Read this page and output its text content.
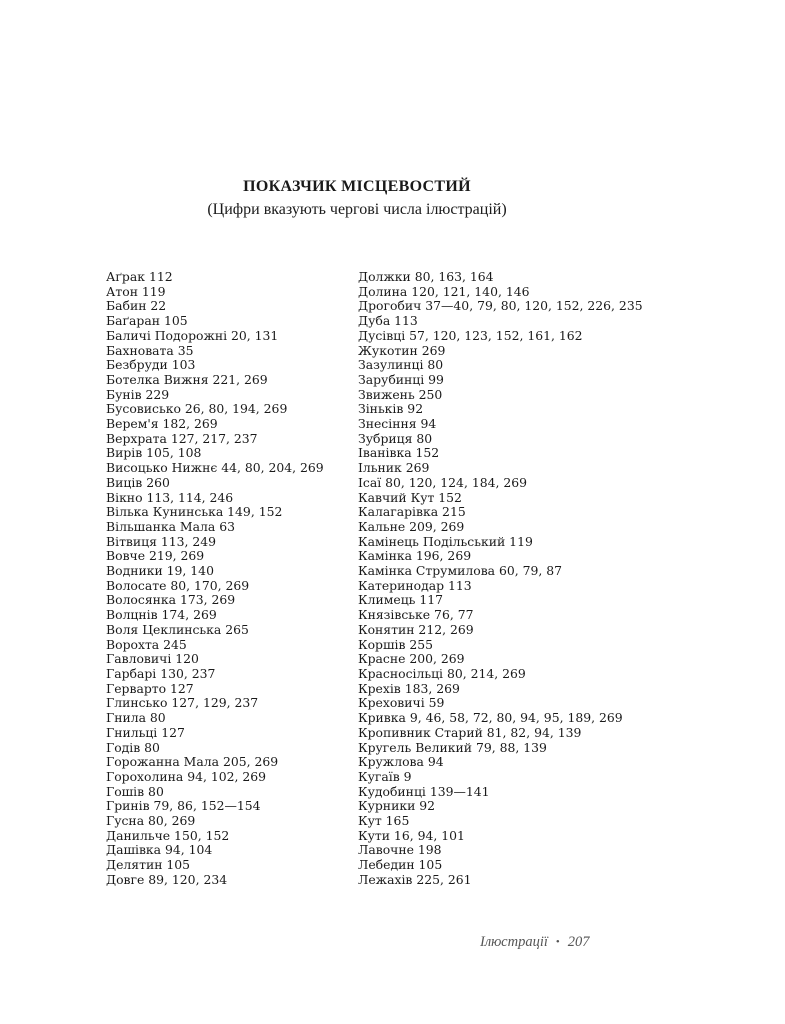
ПОКАЗЧИК МІСЦЕВОСТИЙ
(Цифри вказують чергові числа ілюстрацій)
Аґрак 112
Атон 119
Бабин 22
Баґаран 105
Баличі Подорожні 20, 131
Бахновата 35
Безбруди 103
Ботелка Вижня 221, 269
Бунів 229
Бусовисько 26, 80, 194, 269
Верем'я 182, 269
Верхрата 127, 217, 237
Вирів 105, 108
Висоцько Нижнє 44, 80, 204, 269
Виців 260
Вікно 113, 114, 246
Вілька Кунинська 149, 152
Вільшанка Мала 63
Вітвиця 113, 249
Вовче 219, 269
Водники 19, 140
Волосате 80, 170, 269
Волосянка 173, 269
Волцнів 174, 269
Воля Цеклинська 265
Ворохта 245
Гавловичі 120
Гарбарі 130, 237
Герварто 127
Глинсько 127, 129, 237
Гнила 80
Гнильці 127
Годів 80
Горожанна Мала 205, 269
Горохолина 94, 102, 269
Гошів 80
Гринів 79, 86, 152—154
Гусна 80, 269
Данильче 150, 152
Дашівка 94, 104
Делятин 105
Довге 89, 120, 234
Должки 80, 163, 164
Долина 120, 121, 140, 146
Дрогобич 37—40, 79, 80, 120, 152, 226, 235
Дуба 113
Дусівці 57, 120, 123, 152, 161, 162
Жукотин 269
Зазулинці 80
Зарубинці 99
Звижень 250
Зіньків 92
Знесіння 94
Зубриця 80
Іванівка 152
Ільник 269
Ісаї 80, 120, 124, 184, 269
Кавчий Кут 152
Калагарівка 215
Кальне 209, 269
Камінець Подільський 119
Камінка 196, 269
Камінка Струмилова 60, 79, 87
Катеринодар 113
Климець 117
Князівське 76, 77
Конятин 212, 269
Коршів 255
Красне 200, 269
Красносільці 80, 214, 269
Крехів 183, 269
Креховичі 59
Кривка 9, 46, 58, 72, 80, 94, 95, 189, 269
Кропивник Старий 81, 82, 94, 139
Кругель Великий 79, 88, 139
Кружлова 94
Кугаїв 9
Кудобинці 139—141
Курники 92
Кут 165
Кути 16, 94, 101
Лавочне 198
Лебедин 105
Лежахів 225, 261
Ілюстрації • 207
